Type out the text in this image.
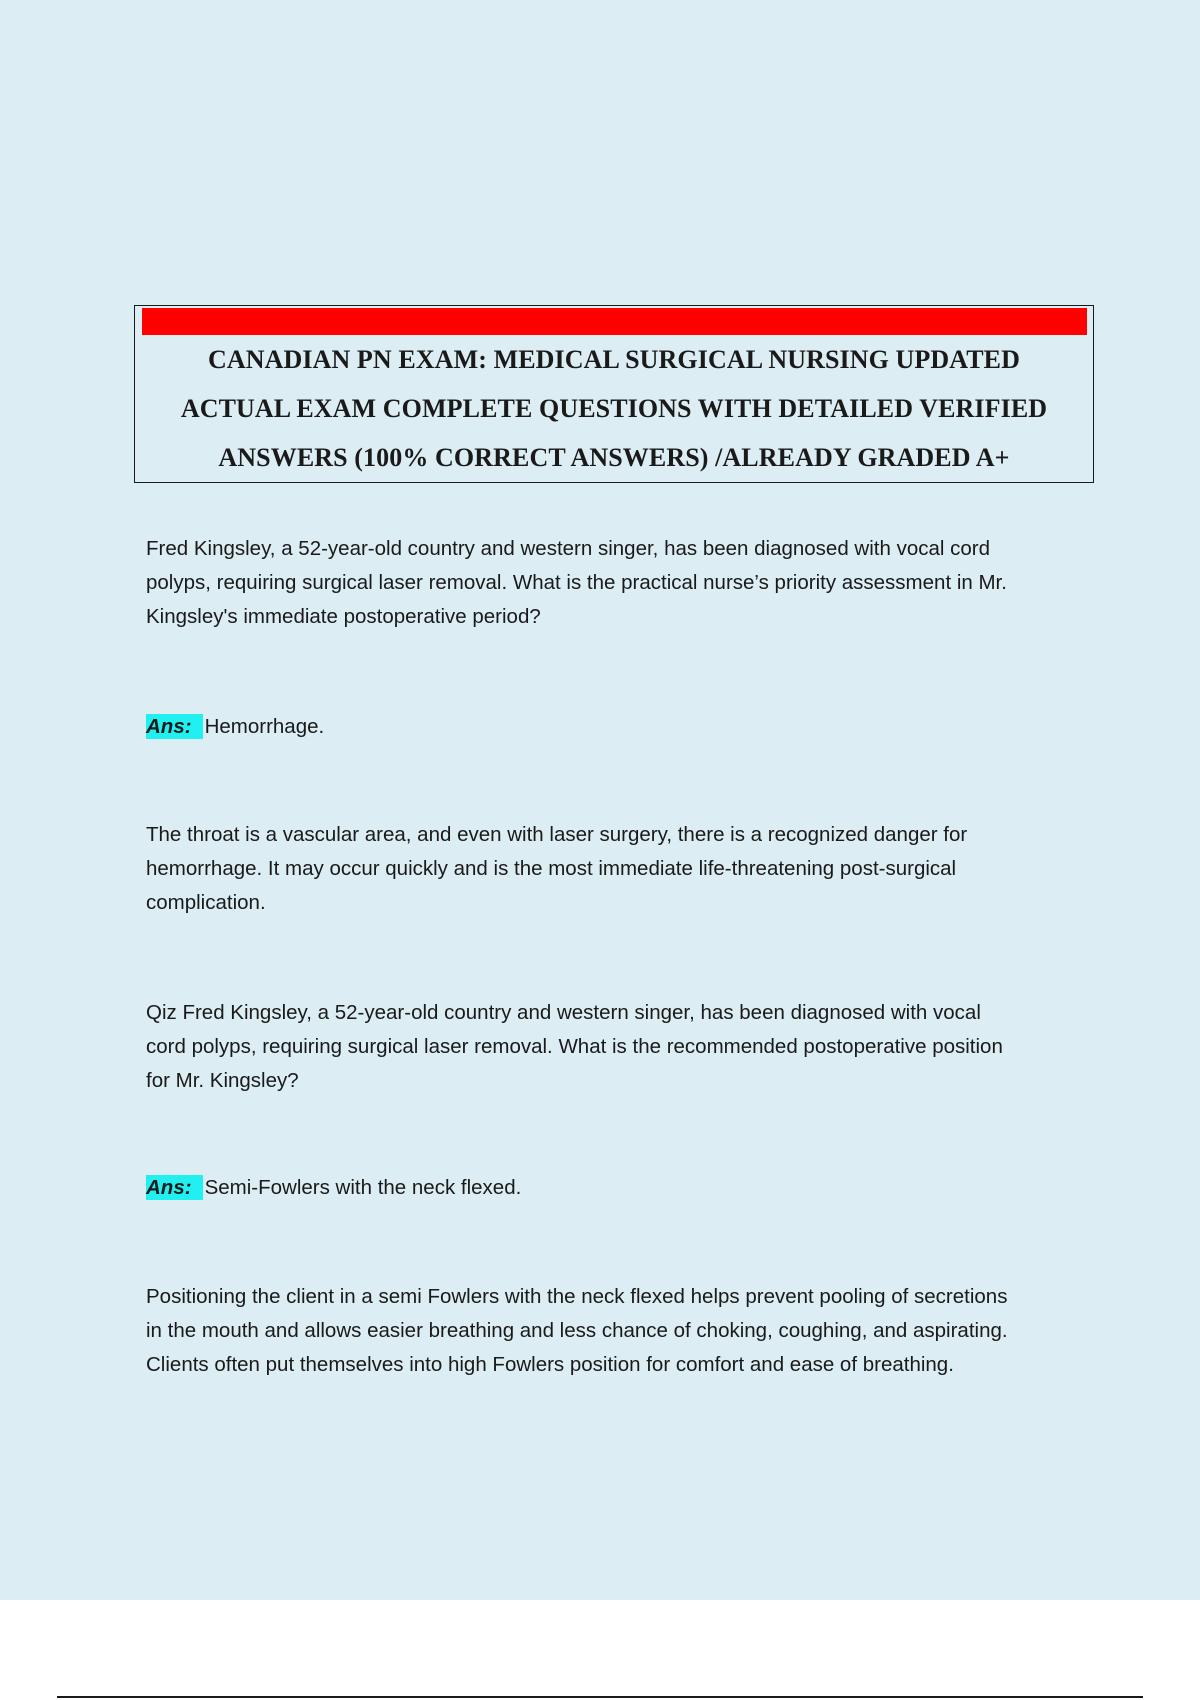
CANADIAN PN EXAM: MEDICAL SURGICAL NURSING UPDATED
ACTUAL EXAM COMPLETE QUESTIONS WITH DETAILED VERIFIED
ANSWERS (100% CORRECT ANSWERS) /ALREADY GRADED A+
Fred Kingsley, a 52-year-old country and western singer, has been diagnosed with vocal cord
polyps, requiring surgical laser removal. What is the practical nurse’s priority assessment in Mr.
Kingsley's immediate postoperative period?
Ans: Hemorrhage.
The throat is a vascular area, and even with laser surgery, there is a recognized danger for
hemorrhage. It may occur quickly and is the most immediate life-threatening post-surgical
complication.
Qiz Fred Kingsley, a 52-year-old country and western singer, has been diagnosed with vocal
cord polyps, requiring surgical laser removal. What is the recommended postoperative position
for Mr. Kingsley?
Ans: Semi-Fowlers with the neck flexed.
Positioning the client in a semi Fowlers with the neck flexed helps prevent pooling of secretions
in the mouth and allows easier breathing and less chance of choking, coughing, and aspirating.
Clients often put themselves into high Fowlers position for comfort and ease of breathing.
